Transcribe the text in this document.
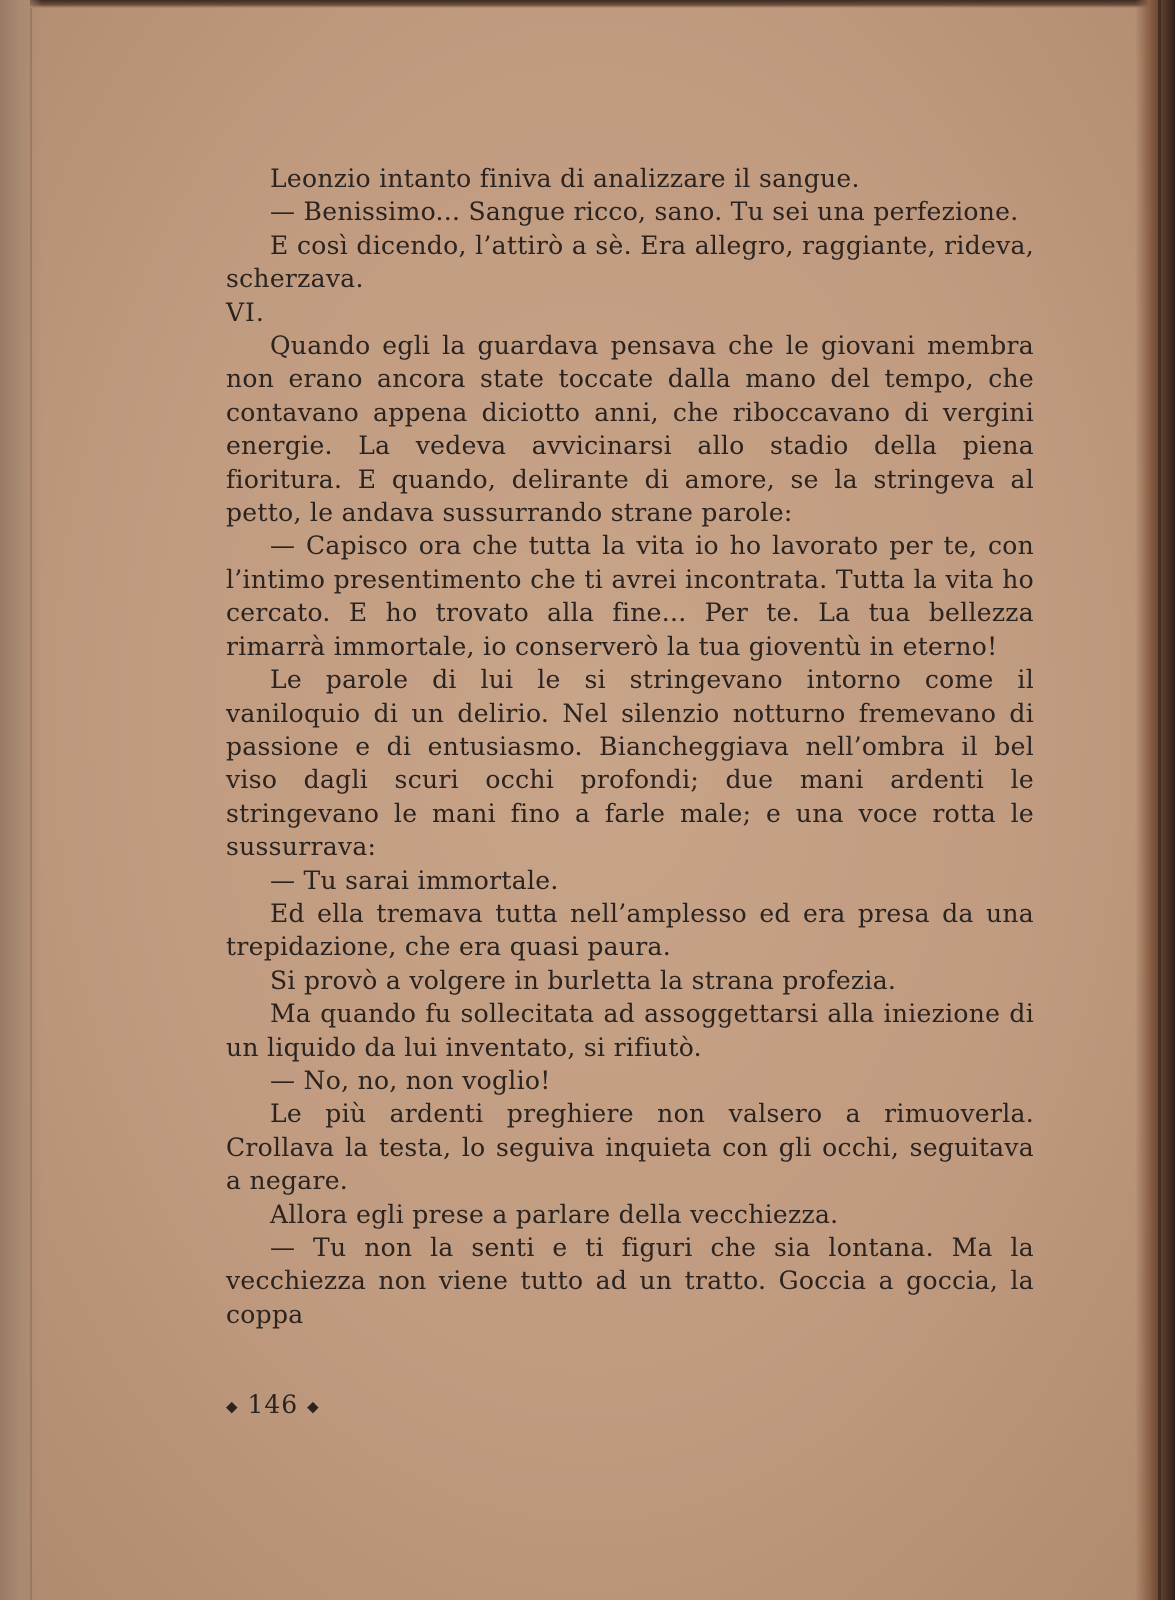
Leonzio intanto finiva di analizzare il sangue.

— Benissimo... Sangue ricco, sano. Tu sei una perfezione.

E così dicendo, l’attirò a sè. Era allegro, raggiante, rideva, scherzava.

VI.

Quando egli la guardava pensava che le giovani membra non erano ancora state toccate dalla mano del tempo, che contavano appena diciotto anni, che riboccavano di vergini energie. La vedeva avvicinarsi allo stadio della piena fioritura. E quando, delirante di amore, se la stringeva al petto, le andava sussurrando strane parole:

— Capisco ora che tutta la vita io ho lavorato per te, con l’intimo presentimento che ti avrei incontrata. Tutta la vita ho cercato. E ho trovato alla fine... Per te. La tua bellezza rimarrà immortale, io conserverò la tua gioventù in eterno!

Le parole di lui le si stringevano intorno come il vaniloquio di un delirio. Nel silenzio notturno fremevano di passione e di entusiasmo. Biancheggiava nell’ombra il bel viso dagli scuri occhi profondi; due mani ardenti le stringevano le mani fino a farle male; e una voce rotta le sussurrava:

— Tu sarai immortale.

Ed ella tremava tutta nell’amplesso ed era presa da una trepidazione, che era quasi paura.

Si provò a volgere in burletta la strana profezia.

Ma quando fu sollecitata ad assoggettarsi alla iniezione di un liquido da lui inventato, si rifiutò.

— No, no, non voglio!

Le più ardenti preghiere non valsero a rimuoverla. Crollava la testa, lo seguiva inquieta con gli occhi, seguitava a negare.

Allora egli prese a parlare della vecchiezza.

— Tu non la senti e ti figuri che sia lontana. Ma la vecchiezza non viene tutto ad un tratto. Goccia a goccia, la coppa

◆ 146 ◆
